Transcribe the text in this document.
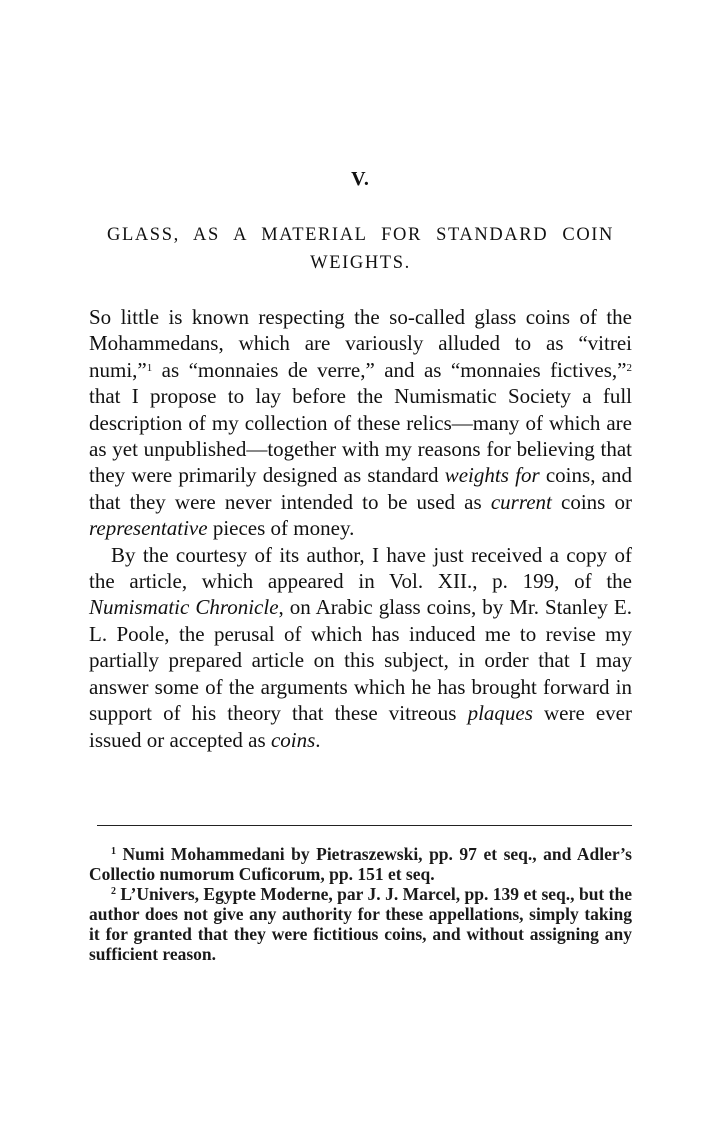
V.
GLASS, AS A MATERIAL FOR STANDARD COIN
WEIGHTS.

So little is known respecting the so-called glass coins of the Mohammedans, which are variously alluded to as “vitrei numi,”$^1$ as “monnaies de verre,” and as “monnaies fictives,”$^2$ that I propose to lay before the Numismatic Society a full description of my collection of these relics—many of which are as yet unpublished—together with my reasons for believing that they were primarily designed as standard weights for coins, and that they were never intended to be used as current coins or representative pieces of money.

By the courtesy of its author, I have just received a copy of the article, which appeared in Vol. XII., p. 199, of the Numismatic Chronicle, on Arabic glass coins, by Mr. Stanley E. L. Poole, the perusal of which has induced me to revise my partially prepared article on this subject, in order that I may answer some of the arguments which he has brought forward in support of his theory that these vitreous plaques were ever issued or accepted as coins.

$^1$ Numi Mohammedani by Pietraszewski, pp. 97 et seq., and Adler’s Collectio numorum Cuficorum, pp. 151 et seq.

$^2$ L’Univers, Egypte Moderne, par J. J. Marcel, pp. 139 et seq., but the author does not give any authority for these appellations, simply taking it for granted that they were fictitious coins, and without assigning any sufficient reason.
